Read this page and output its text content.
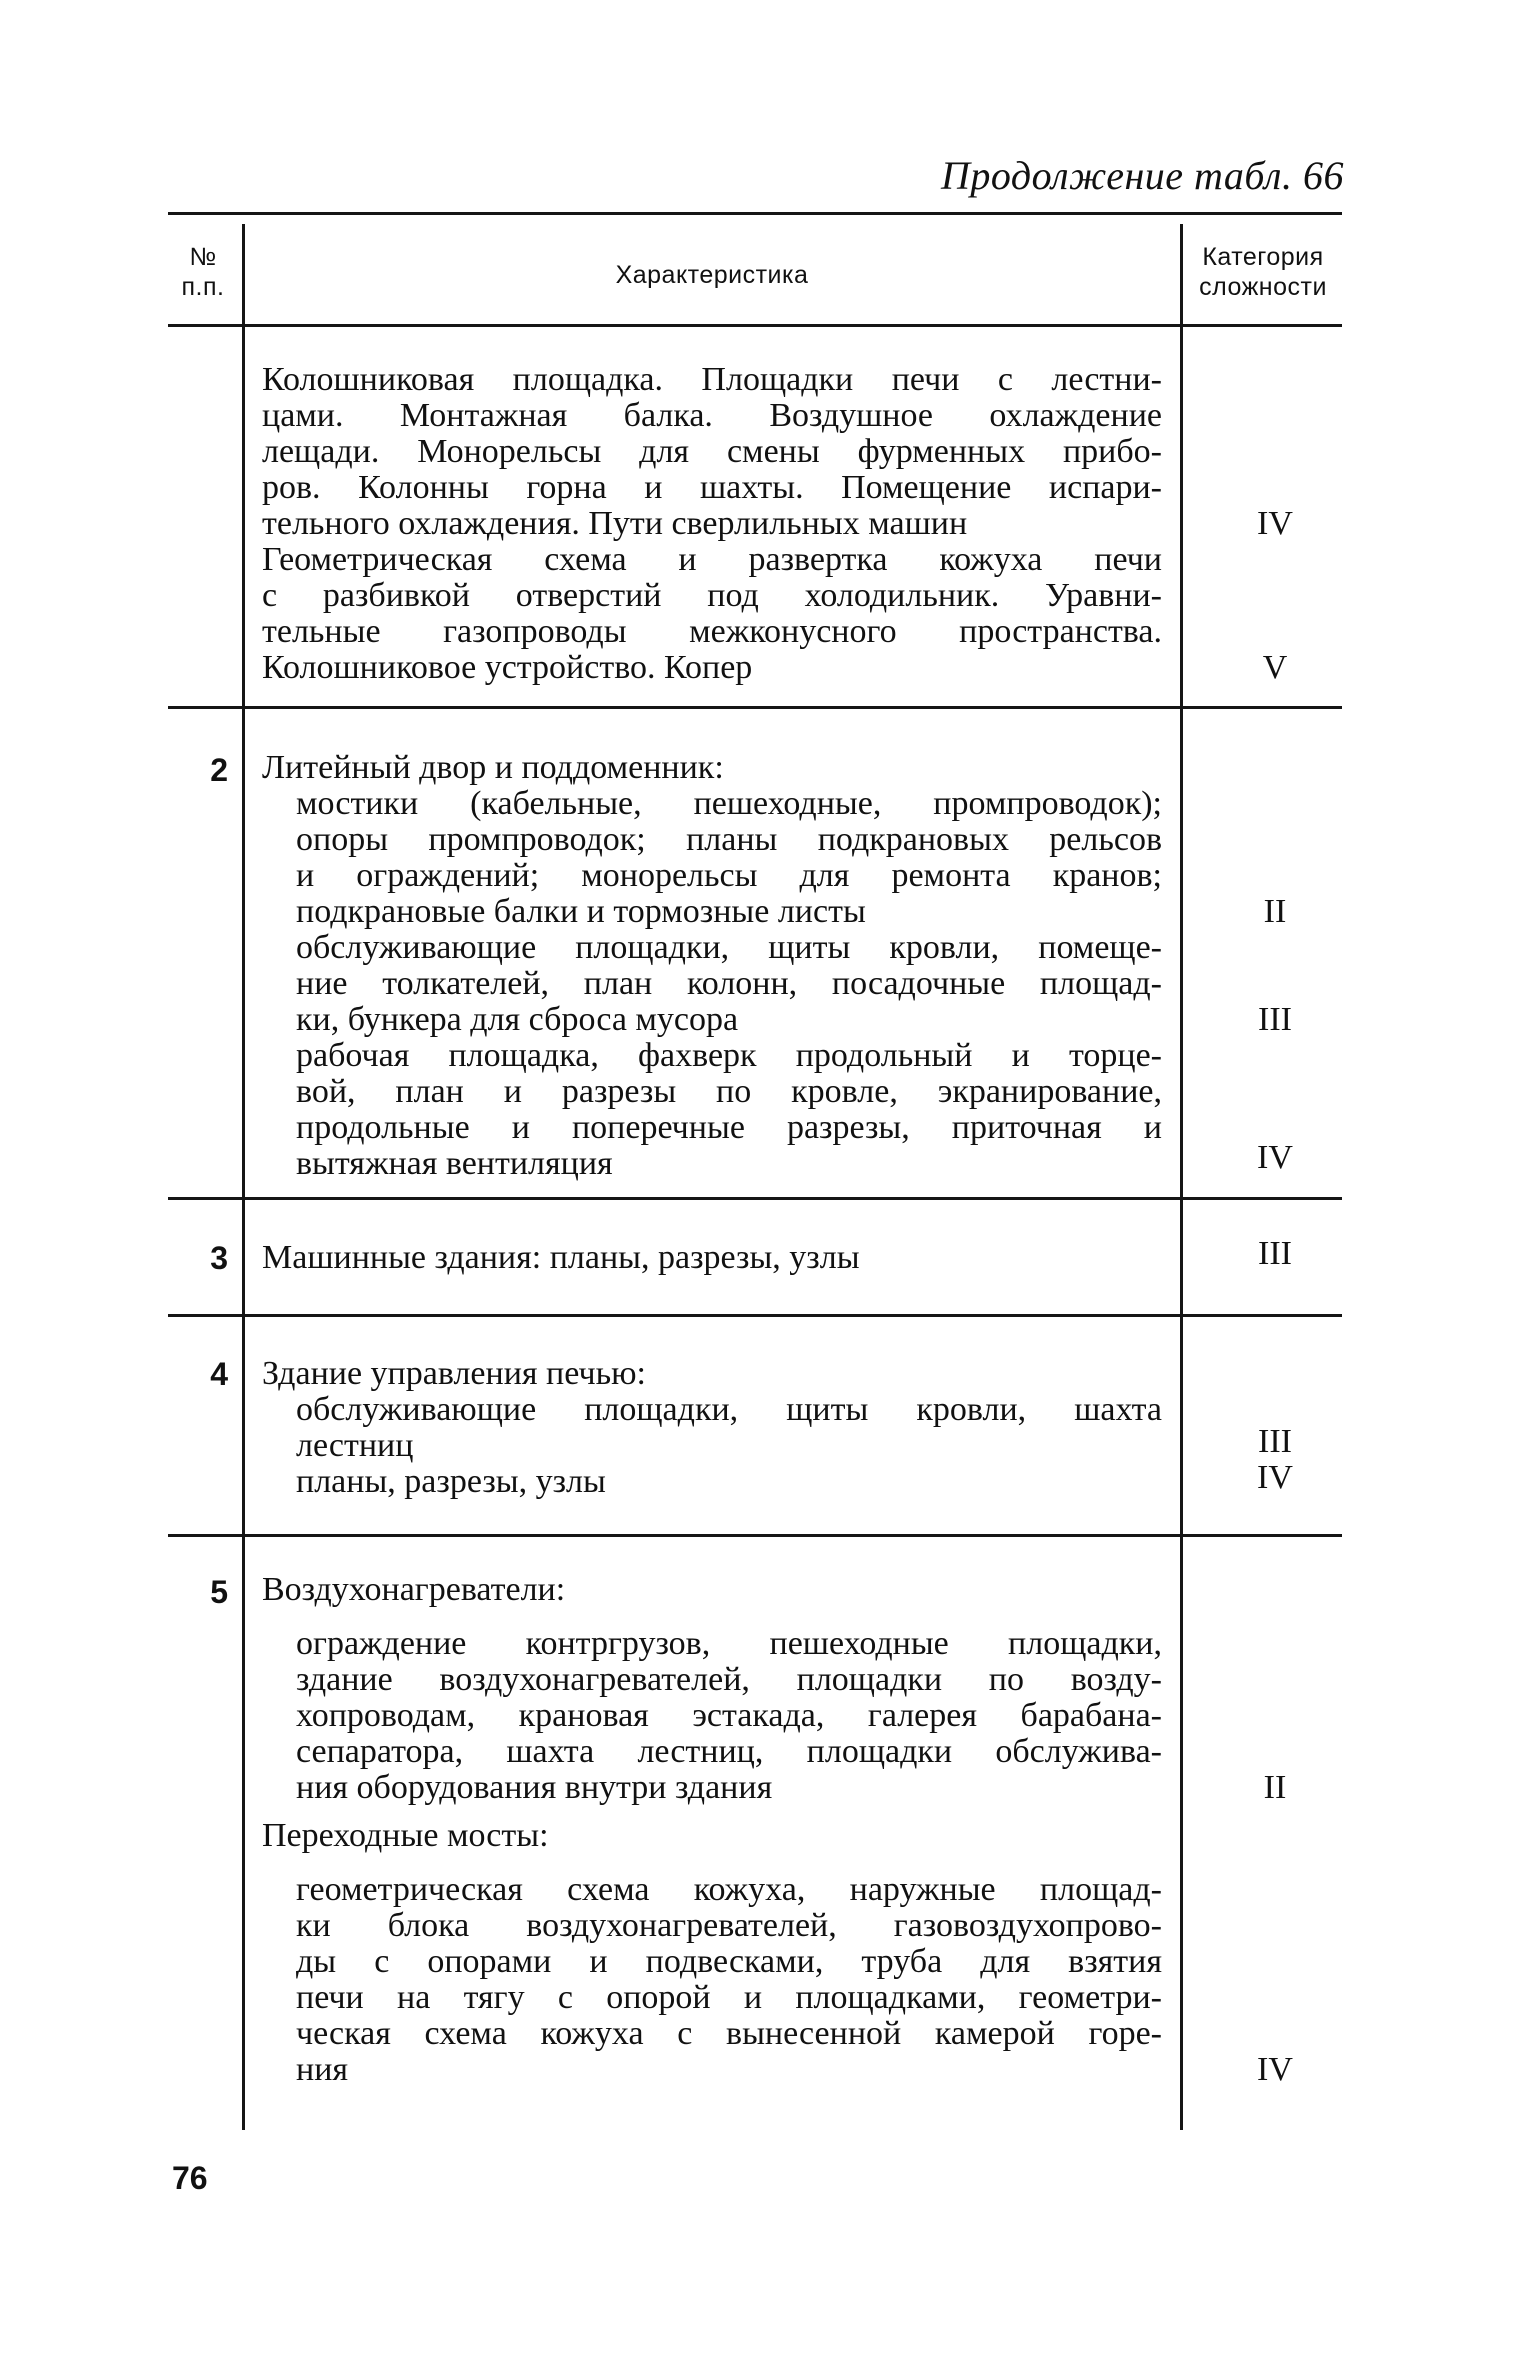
Продолжение табл. 66
№ п.п.	Характеристика
Категория
сложности
Колошниковая площадка. Площадки печи с лестни-
цами. Монтажная балка. Воздушное охлаждение
лещади. Монорельсы для смены фурменных прибо-
ров. Колонны горна и шахты. Помещение испари-
тельного охлаждения. Пути сверлильных машин
Геометрическая схема и развертка кожуха печи
с разбивкой отверстий под холодильник. Уравни-
тельные газопроводы межконусного пространства.
Колошниковое устройство. Копер
IV
V
2 Литейный двор и поддоменник:
мостики (кабельные, пешеходные, промпроводок);
опоры промпроводок; планы подкрановых рельсов
и ограждений; монорельсы для ремонта кранов;
подкрановые балки и тормозные листы
обслуживающие площадки, щиты кровли, помеще-
ние толкателей, план колонн, посадочные площад-
ки, бункера для сброса мусора
рабочая площадка, фахверк продольный и торце-
вой, план и разрезы по кровле, экранирование,
продольные и поперечные разрезы, приточная и
вытяжная вентиляция
II
III
IV
3 Машинные здания: планы, разрезы, узлы	III
4 Здание управления печью:
обслуживающие площадки, щиты кровли, шахта
лестниц
планы, разрезы, узлы
III
IV
5 Воздухонагреватели:
ограждение контргрузов, пешеходные площадки,
здание воздухонагревателей, площадки по возду-
хопроводам, крановая эстакада, галерея барабана-
сепаратора, шахта лестниц, площадки обслужива-
ния оборудования внутри здания
Переходные мосты:
геометрическая схема кожуха, наружные площад-
ки блока воздухонагревателей, газовоздухопрово-
ды с опорами и подвесками, труба для взятия
печи на тягу с опорой и площадками, геометри-
ческая схема кожуха с вынесенной камерой горе-
ния
II
IV
76
